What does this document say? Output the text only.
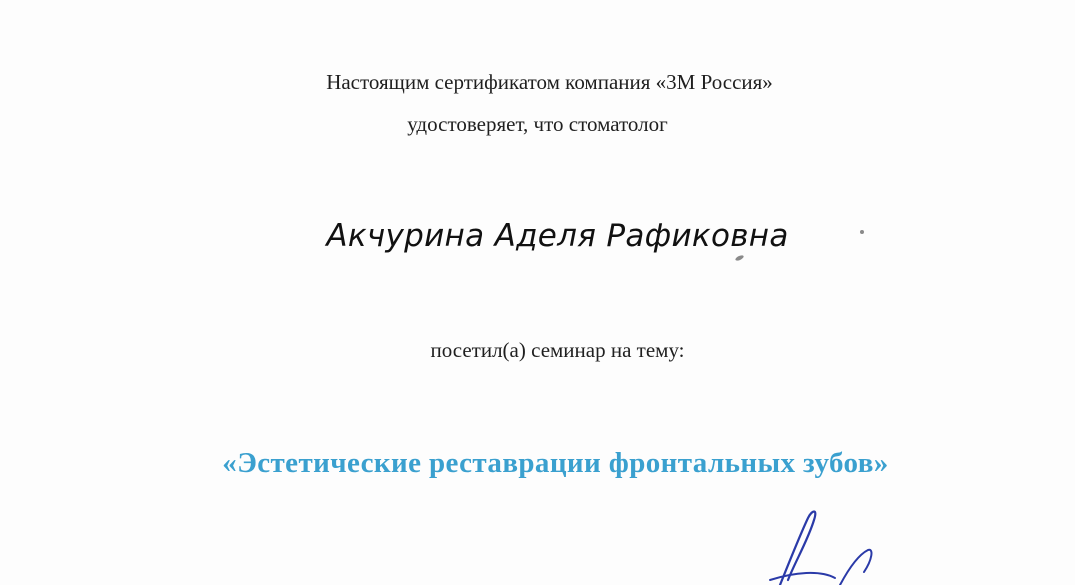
Настоящим сертификатом компания «3М Россия»
удостоверяет, что стоматолог
Акчурина Аделя Рафиковна
посетил(а) семинар на тему:
«Эстетические реставрации фронтальных зубов»
